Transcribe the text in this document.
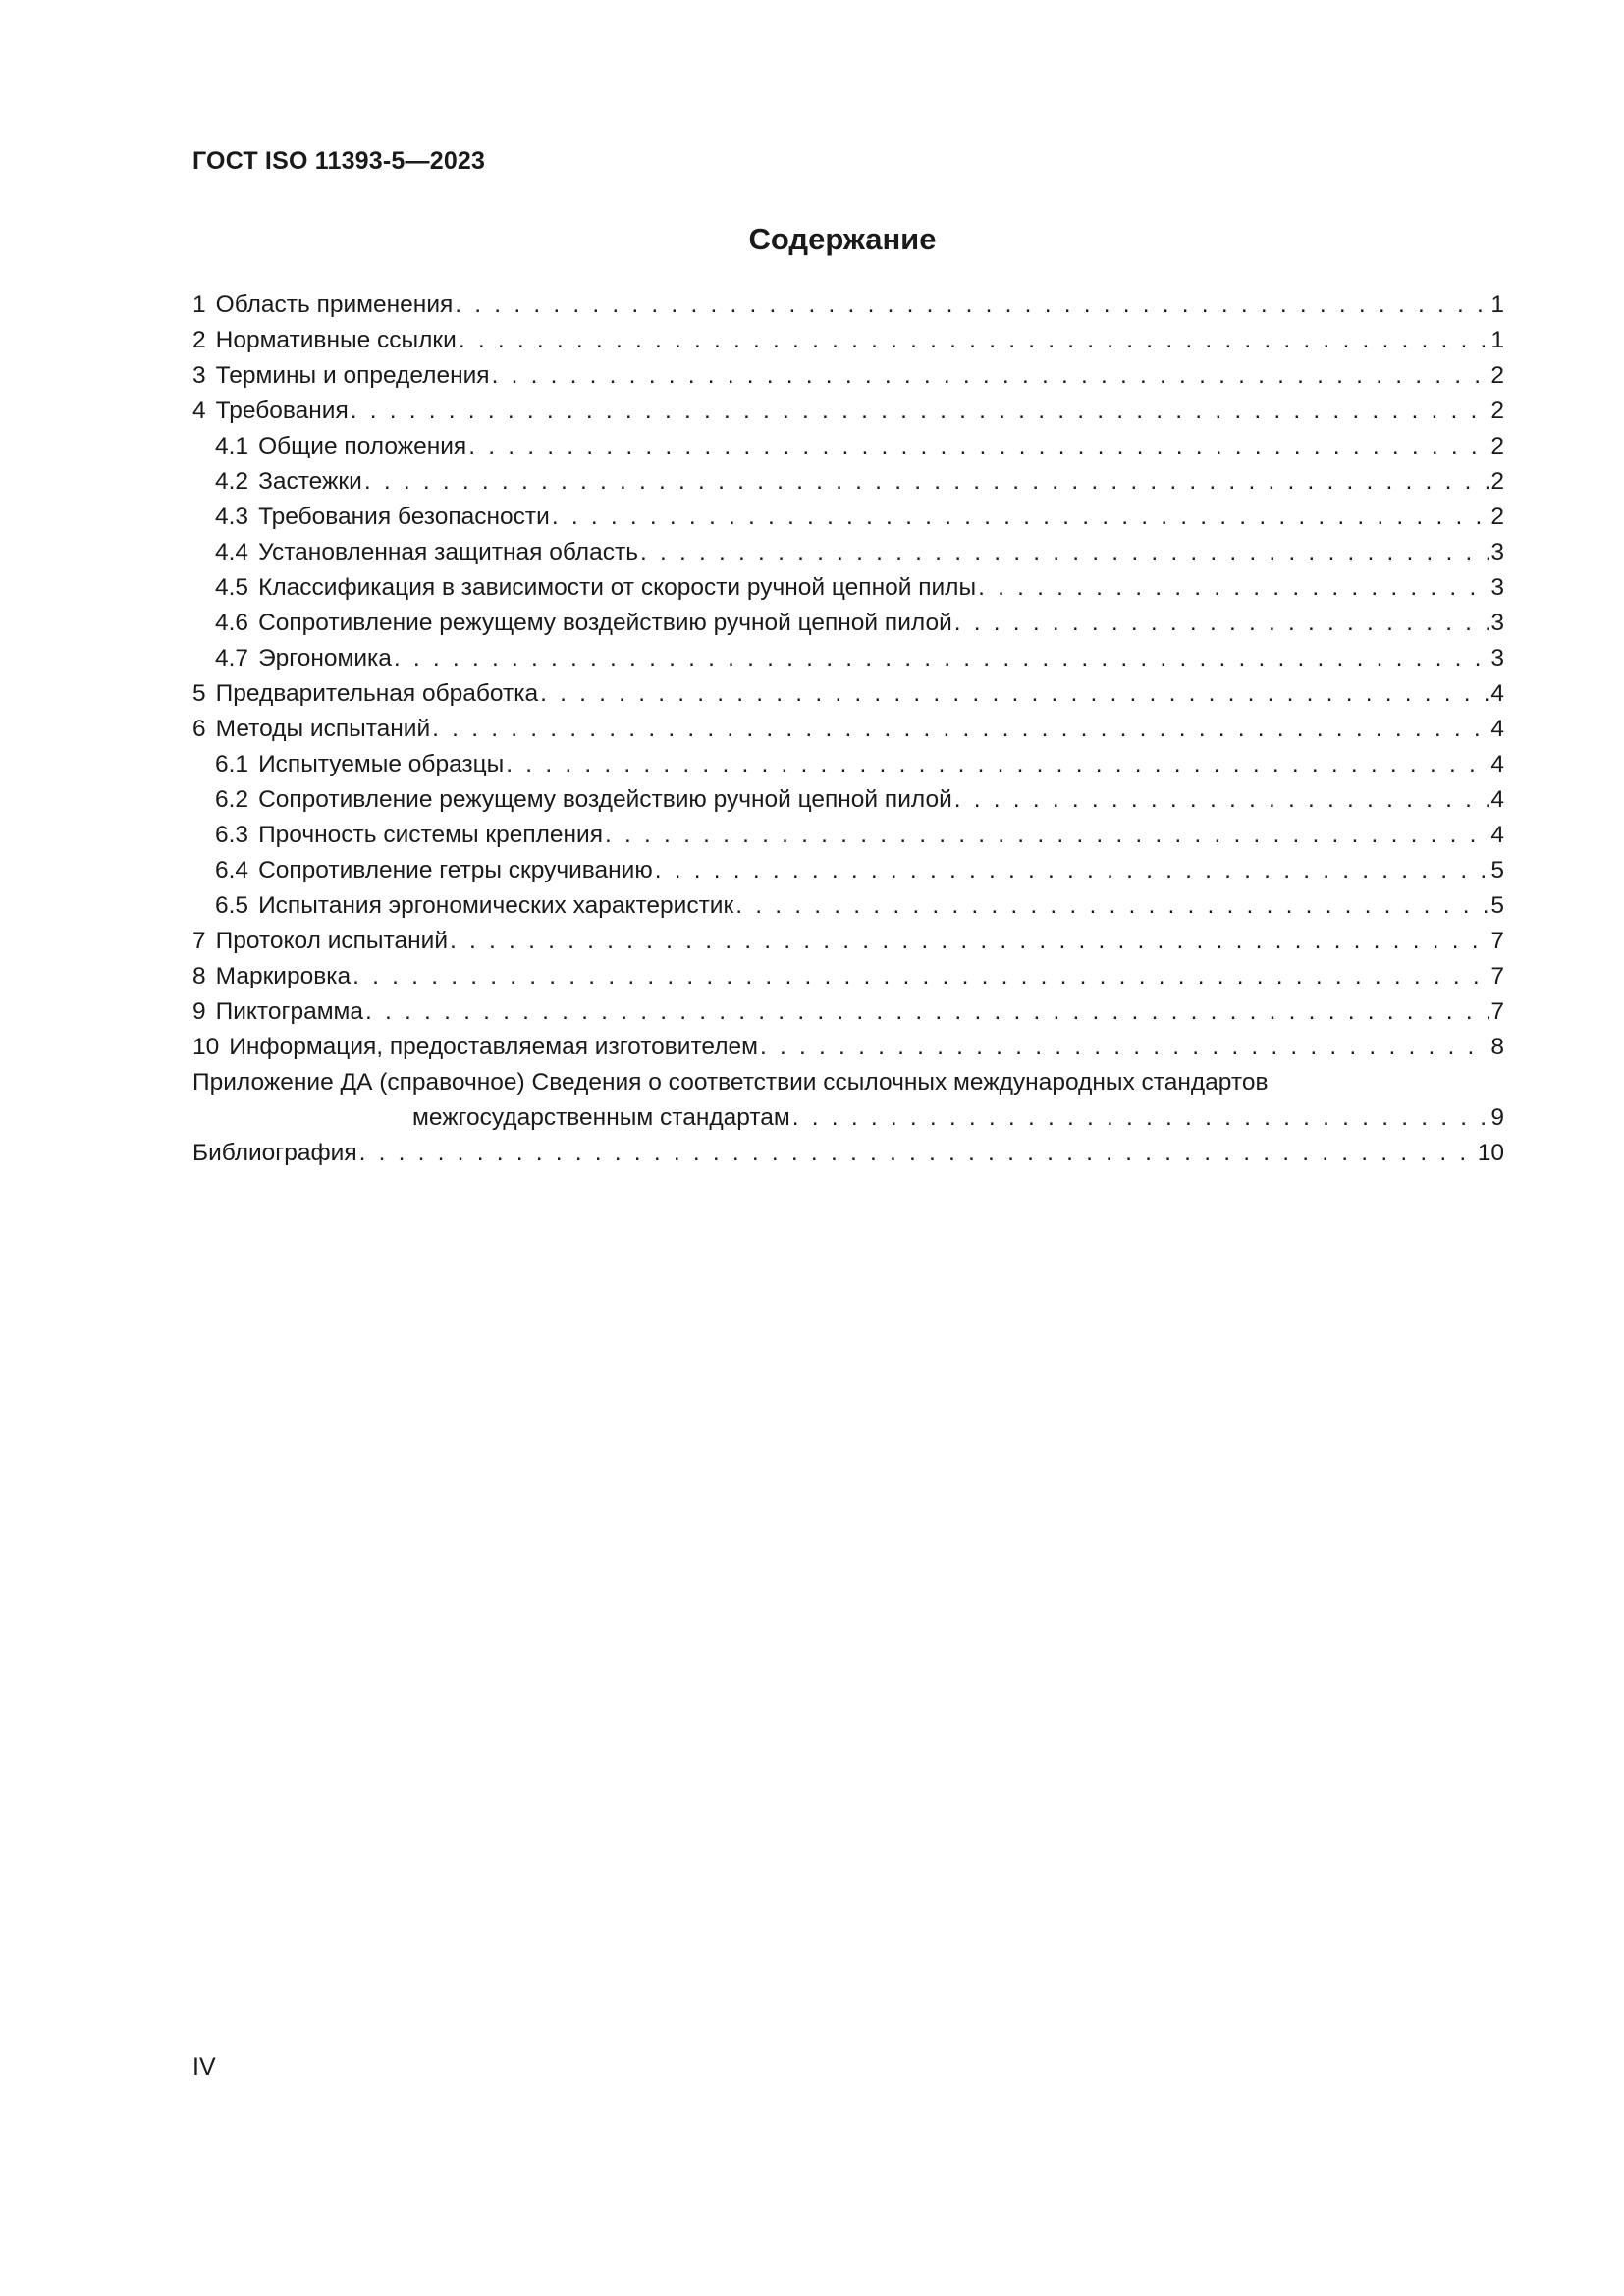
ГОСТ ISO 11393-5—2023
Содержание
1 Область применения . . .	1
2 Нормативные ссылки . . .	1
3 Термины и определения . . .	2
4 Требования . . .	2
4.1 Общие положения . . .	2
4.2 Застежки . . .	2
4.3 Требования безопасности . . .	2
4.4 Установленная защитная область . . .	3
4.5 Классификация в зависимости от скорости ручной цепной пилы . . .	3
4.6 Сопротивление режущему воздействию ручной цепной пилой . . .	3
4.7 Эргономика . . .	3
5 Предварительная обработка . . .	4
6 Методы испытаний . . .	4
6.1 Испытуемые образцы . . .	4
6.2 Сопротивление режущему воздействию ручной цепной пилой . . .	4
6.3 Прочность системы крепления . . .	4
6.4 Сопротивление гетры скручиванию . . .	5
6.5 Испытания эргономических характеристик . . .	5
7 Протокол испытаний . . .	7
8 Маркировка . . .	7
9 Пиктограмма . . .	7
10 Информация, предоставляемая изготовителем . . .	8
Приложение ДА (справочное) Сведения о соответствии ссылочных международных стандартов
межгосударственным стандартам . . .	9
Библиография . . .	10
IV
